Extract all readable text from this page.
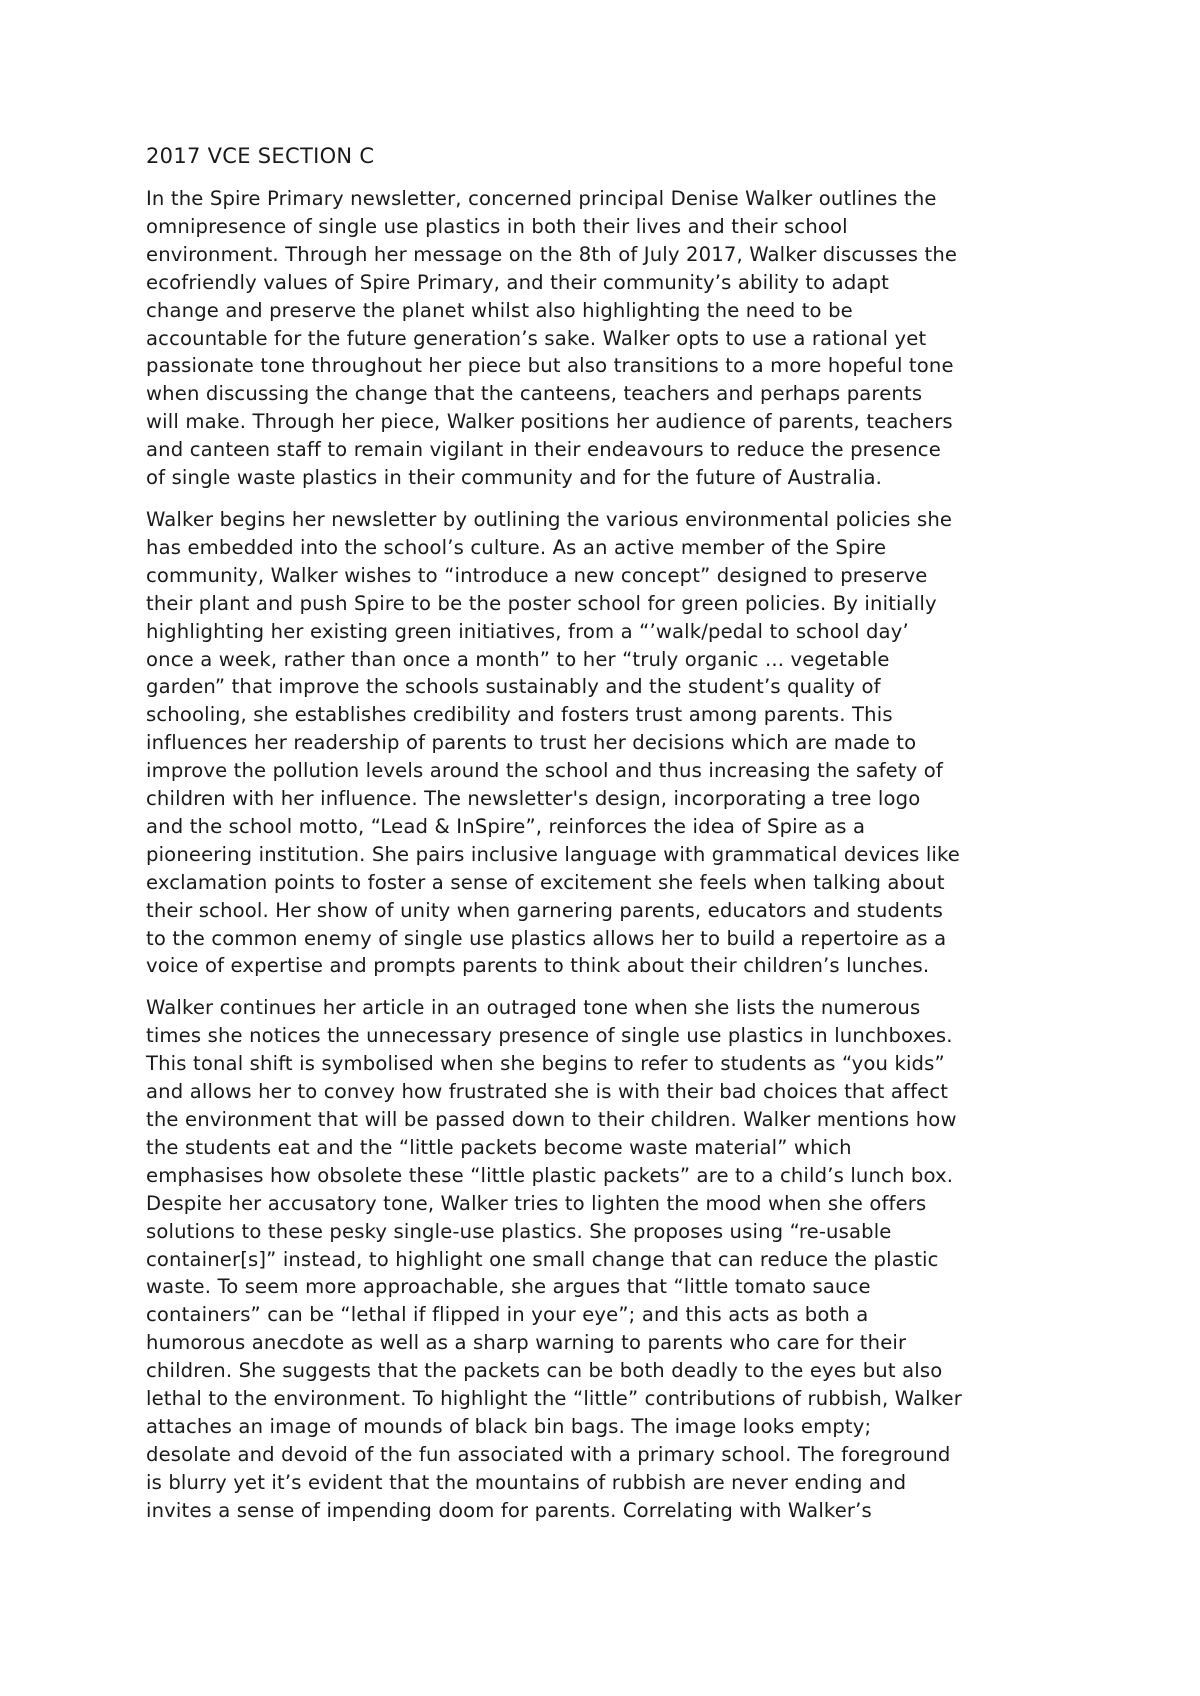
2017 VCE SECTION C
In the Spire Primary newsletter, concerned principal Denise Walker outlines the
omnipresence of single use plastics in both their lives and their school
environment. Through her message on the 8th of July 2017, Walker discusses the
ecofriendly values of Spire Primary, and their community’s ability to adapt
change and preserve the planet whilst also highlighting the need to be
accountable for the future generation’s sake. Walker opts to use a rational yet
passionate tone throughout her piece but also transitions to a more hopeful tone
when discussing the change that the canteens, teachers and perhaps parents
will make. Through her piece, Walker positions her audience of parents, teachers
and canteen staff to remain vigilant in their endeavours to reduce the presence
of single waste plastics in their community and for the future of Australia.
Walker begins her newsletter by outlining the various environmental policies she
has embedded into the school’s culture. As an active member of the Spire
community, Walker wishes to “introduce a new concept” designed to preserve
their plant and push Spire to be the poster school for green policies. By initially
highlighting her existing green initiatives, from a “’walk/pedal to school day’
once a week, rather than once a month” to her “truly organic ... vegetable
garden” that improve the schools sustainably and the student’s quality of
schooling, she establishes credibility and fosters trust among parents. This
influences her readership of parents to trust her decisions which are made to
improve the pollution levels around the school and thus increasing the safety of
children with her influence. The newsletter's design, incorporating a tree logo
and the school motto, “Lead & InSpire”, reinforces the idea of Spire as a
pioneering institution. She pairs inclusive language with grammatical devices like
exclamation points to foster a sense of excitement she feels when talking about
their school. Her show of unity when garnering parents, educators and students
to the common enemy of single use plastics allows her to build a repertoire as a
voice of expertise and prompts parents to think about their children’s lunches.
Walker continues her article in an outraged tone when she lists the numerous
times she notices the unnecessary presence of single use plastics in lunchboxes.
This tonal shift is symbolised when she begins to refer to students as “you kids”
and allows her to convey how frustrated she is with their bad choices that affect
the environment that will be passed down to their children. Walker mentions how
the students eat and the “little packets become waste material” which
emphasises how obsolete these “little plastic packets” are to a child’s lunch box.
Despite her accusatory tone, Walker tries to lighten the mood when she offers
solutions to these pesky single-use plastics. She proposes using “re-usable
container[s]” instead, to highlight one small change that can reduce the plastic
waste. To seem more approachable, she argues that “little tomato sauce
containers” can be “lethal if flipped in your eye”; and this acts as both a
humorous anecdote as well as a sharp warning to parents who care for their
children. She suggests that the packets can be both deadly to the eyes but also
lethal to the environment. To highlight the “little” contributions of rubbish, Walker
attaches an image of mounds of black bin bags. The image looks empty;
desolate and devoid of the fun associated with a primary school. The foreground
is blurry yet it’s evident that the mountains of rubbish are never ending and
invites a sense of impending doom for parents. Correlating with Walker’s
